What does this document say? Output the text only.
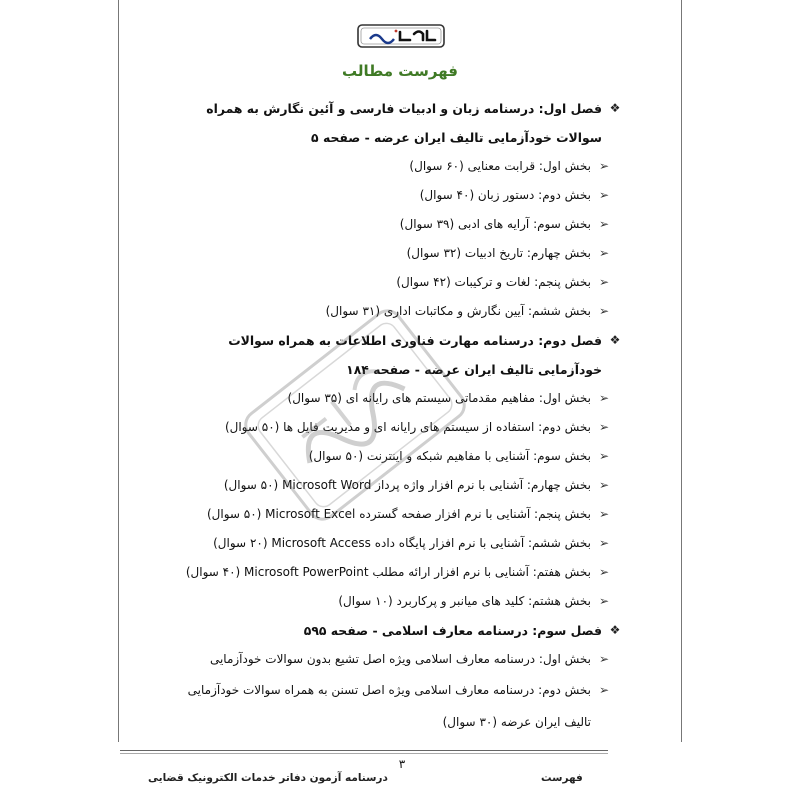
فهرست مطالب
❖
فصل اول: درسنامه زبان و ادبیات فارسی و آئین نگارش به همراه سوالات خودآزمایی تالیف ایران عرضه - صفحه ۵
➢
بخش اول: قرابت معنایی (۶۰ سوال)
➢
بخش دوم: دستور زبان (۴۰ سوال)
➢
بخش سوم: آرایه های ادبی (۳۹ سوال)
➢
بخش چهارم: تاریخ ادبیات (۳۲ سوال)
➢
بخش پنجم: لغات و ترکیبات (۴۲ سوال)
➢
بخش ششم: آیین نگارش و مکاتبات اداری (۳۱ سوال)
❖
فصل دوم: درسنامه مهارت فناوری اطلاعات به همراه سوالات خودآزمایی تالیف ایران عرضه - صفحه ۱۸۴
➢
بخش اول: مفاهیم مقدماتی سیستم های رایانه ای (۳۵ سوال)
➢
بخش دوم: استفاده از سیستم های رایانه ای و مدیریت فایل ها (۵۰ سوال)
➢
بخش سوم: آشنایی با مفاهیم شبکه و اینترنت (۵۰ سوال)
➢
بخش چهارم: آشنایی با نرم افزار واژه پرداز Microsoft Word (۵۰ سوال)
➢
بخش پنجم: آشنایی با نرم افزار صفحه گسترده Microsoft Excel (۵۰ سوال)
➢
بخش ششم: آشنایی با نرم افزار پایگاه داده Microsoft Access (۲۰ سوال)
➢
بخش هفتم: آشنایی با نرم افزار ارائه مطلب Microsoft PowerPoint (۴۰ سوال)
➢
بخش هشتم: کلید های میانبر و پرکاربرد (۱۰ سوال)
❖
فصل سوم: درسنامه معارف اسلامی - صفحه ۵۹۵
➢
بخش اول: درسنامه معارف اسلامی ویژه اصل تشیع بدون سوالات خودآزمایی
➢
بخش دوم: درسنامه معارف اسلامی ویژه اصل تسنن به همراه سوالات خودآزمایی تالیف ایران عرضه (۳۰ سوال)
۳
درسنامه آزمون دفاتر خدمات الکترونیک قضایی	فهرست
